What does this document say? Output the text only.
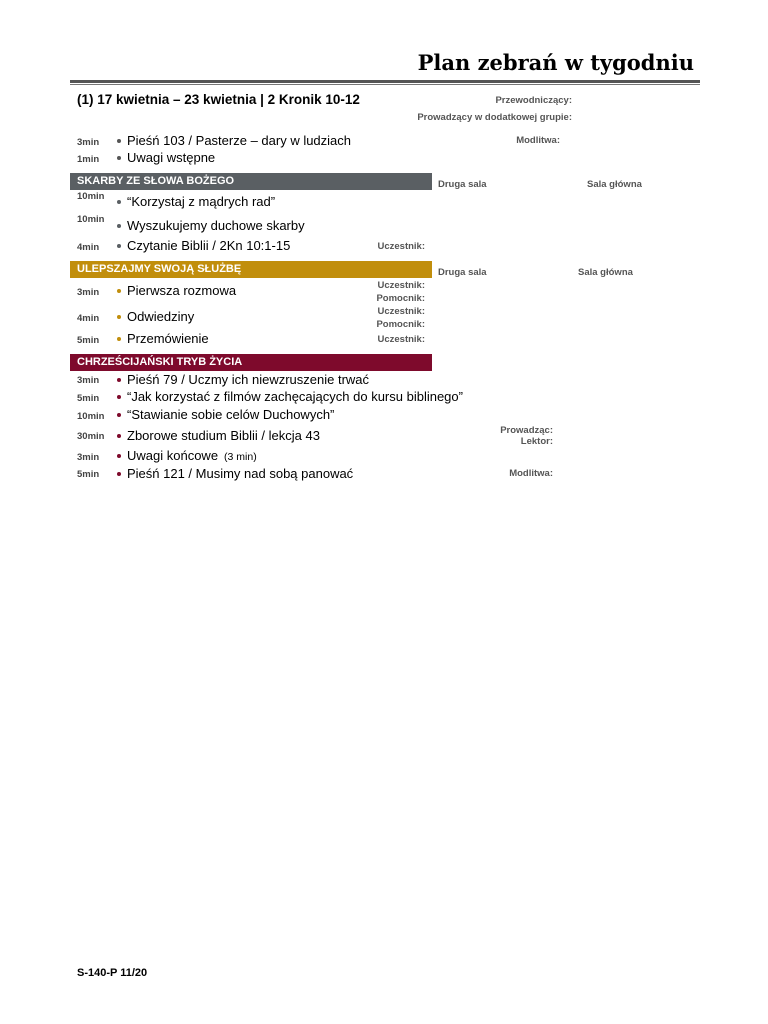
Plan zebrań w tygodniu
(1) 17 kwietnia – 23 kwietnia | 2 Kronik 10-12	Przewodniczący:
Prowadzący w dodatkowej grupie:
3min	Pieśń 103 / Pasterze – dary w ludziach	Modlitwa:
1min	Uwagi wstępne
SKARBY ZE SŁOWA BOŻEGO	Druga sala	Sala główna
10min	“Korzystaj z mądrych rad”
10min	Wyszukujemy duchowe skarby
4min	Czytanie Biblii / 2Kn 10:1-15	Uczestnik:
ULEPSZAJMY SWOJĄ SŁUŻBĘ	Druga sala	Sala główna
3min	Pierwsza rozmowa	Uczestnik:
Pomocnik:
4min	Odwiedziny	Uczestnik:
Pomocnik:
5min	Przemówienie	Uczestnik:
CHRZEŚCIJAŃSKI TRYB ŻYCIA
3min	Pieśń 79 / Uczmy ich niewzruszenie trwać
5min	“Jak korzystać z filmów zachęcających do kursu biblinego”
10min	“Stawianie sobie celów Duchowych”
30min	Zborowe studium Biblii / lekcja 43	Prowadząc:
Lektor:
3min	Uwagi końcowe (3 min)
5min	Pieśń 121 / Musimy nad sobą panować	Modlitwa:
S-140-P 11/20
